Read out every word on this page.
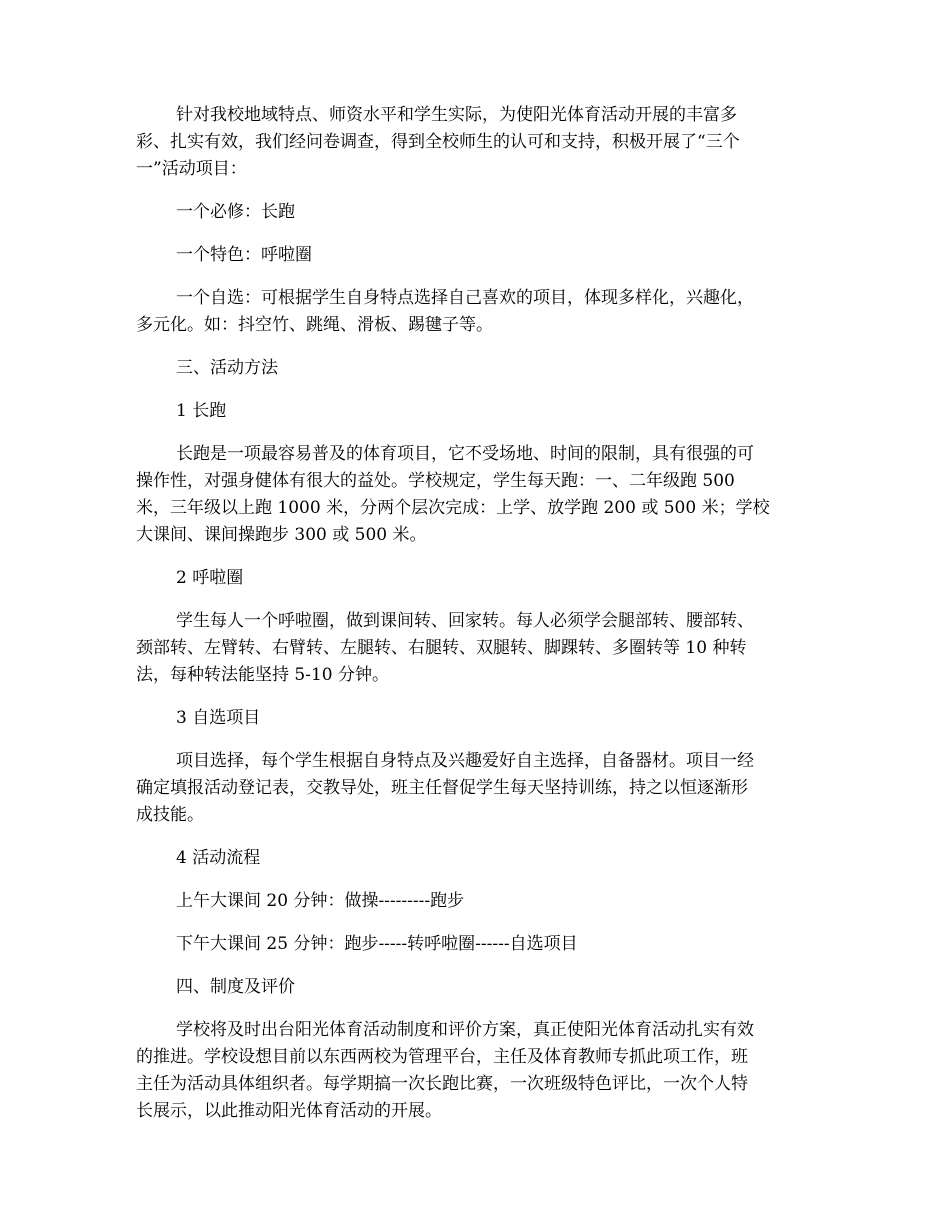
针对我校地域特点、师资水平和学生实际，为使阳光体育活动开展的丰富多
彩、扎实有效，我们经问卷调查，得到全校师生的认可和支持，积极开展了“三个
一”活动项目：

一个必修：长跑

一个特色：呼啦圈

一个自选：可根据学生自身特点选择自己喜欢的项目，体现多样化，兴趣化，
多元化。如：抖空竹、跳绳、滑板、踢毽子等。

三、活动方法

1 长跑

长跑是一项最容易普及的体育项目，它不受场地、时间的限制，具有很强的可
操作性，对强身健体有很大的益处。学校规定，学生每天跑：一、二年级跑 500
米，三年级以上跑 1000 米，分两个层次完成：上学、放学跑 200 或 500 米；学校
大课间、课间操跑步 300 或 500 米。

2 呼啦圈

学生每人一个呼啦圈，做到课间转、回家转。每人必须学会腿部转、腰部转、
颈部转、左臂转、右臂转、左腿转、右腿转、双腿转、脚踝转、多圈转等 10 种转
法，每种转法能坚持 5-10 分钟。

3 自选项目

项目选择，每个学生根据自身特点及兴趣爱好自主选择，自备器材。项目一经
确定填报活动登记表，交教导处，班主任督促学生每天坚持训练，持之以恒逐渐形
成技能。

4 活动流程

上午大课间 20 分钟：做操---------跑步

下午大课间 25 分钟：跑步-----转呼啦圈------自选项目

四、制度及评价

学校将及时出台阳光体育活动制度和评价方案，真正使阳光体育活动扎实有效
的推进。学校设想目前以东西两校为管理平台，主任及体育教师专抓此项工作，班
主任为活动具体组织者。每学期搞一次长跑比赛，一次班级特色评比，一次个人特
长展示，以此推动阳光体育活动的开展。
